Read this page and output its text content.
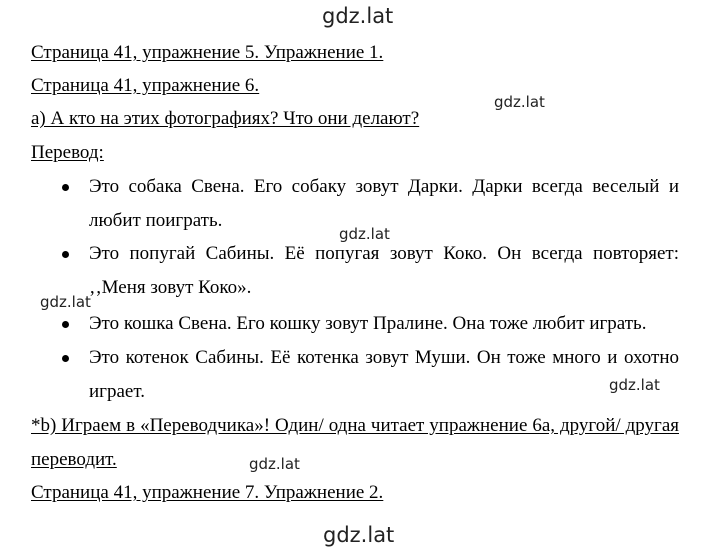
gdz.lat
Страница 41, упражнение 5. Упражнение 1.
Страница 41, упражнение 6.
gdz.lat
а) А кто на этих фотографиях? Что они делают?
Перевод:
Это собака Свена. Его собаку зовут Дарки. Дарки всегда веселый и любит поиграть.
gdz.lat
Это попугай Сабины. Её попугая зовут Коко. Он всегда повторяет: ‚‚Меня зовут Коко».
gdz.lat
Это кошка Свена. Его кошку зовут Пралине. Она тоже любит играть.
Это котенок Сабины. Её котенка зовут Муши. Он тоже много и охотно играет.	gdz.lat
*b) Играем в «Переводчика»! Один/ одна читает упражнение 6а, другой/ другая переводит.	gdz.lat
Страница 41, упражнение 7. Упражнение 2.
gdz.lat
